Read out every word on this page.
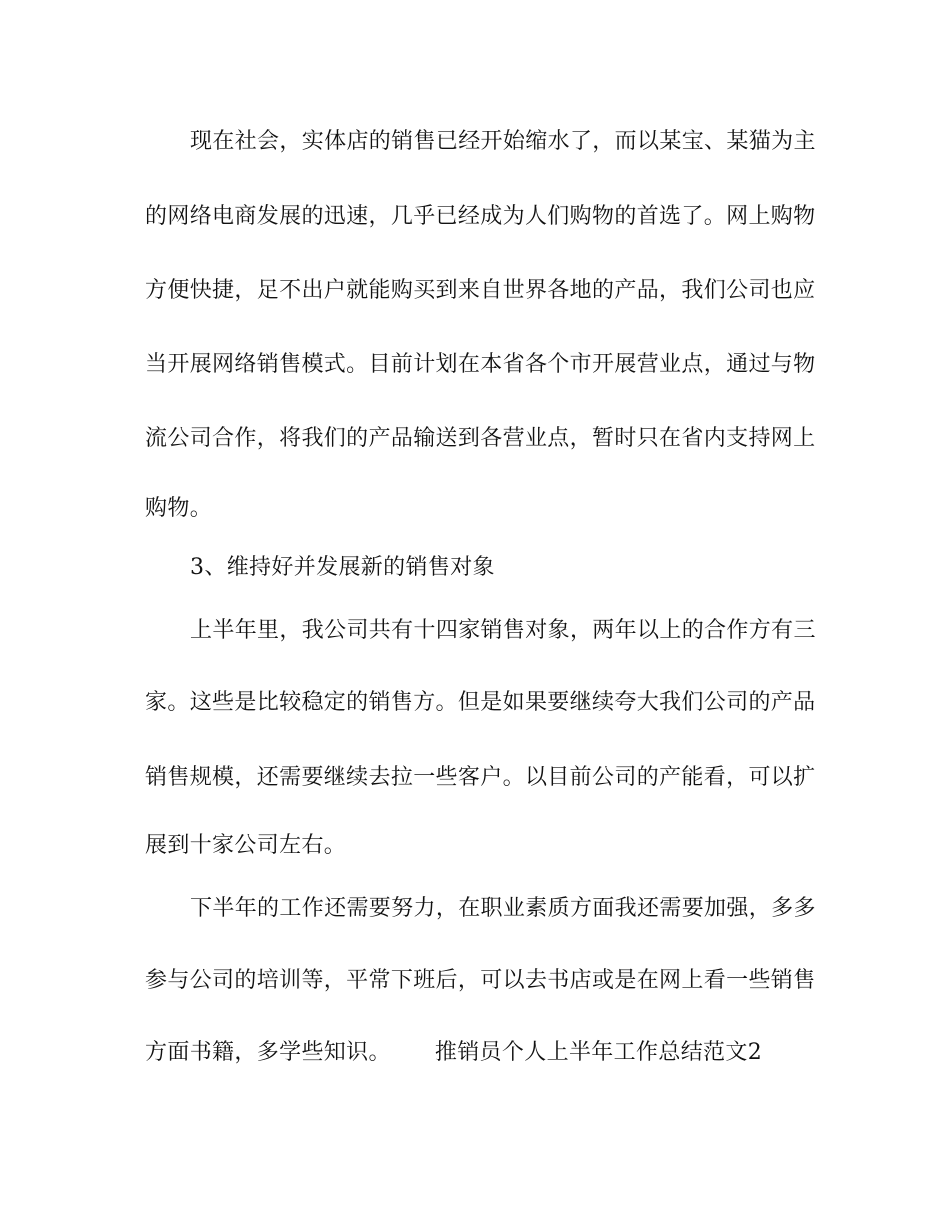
现在社会，实体店的销售已经开始缩水了，而以某宝、某猫为主
的网络电商发展的迅速，几乎已经成为人们购物的首选了。网上购物
方便快捷，足不出户就能购买到来自世界各地的产品，我们公司也应
当开展网络销售模式。目前计划在本省各个市开展营业点，通过与物
流公司合作，将我们的产品输送到各营业点，暂时只在省内支持网上
购物。
3、维持好并发展新的销售对象
上半年里，我公司共有十四家销售对象，两年以上的合作方有三
家。这些是比较稳定的销售方。但是如果要继续夸大我们公司的产品
销售规模，还需要继续去拉一些客户。以目前公司的产能看，可以扩
展到十家公司左右。
下半年的工作还需要努力，在职业素质方面我还需要加强，多多
参与公司的培训等，平常下班后，可以去书店或是在网上看一些销售
方面书籍，多学些知识。 推销员个人上半年工作总结范文2
